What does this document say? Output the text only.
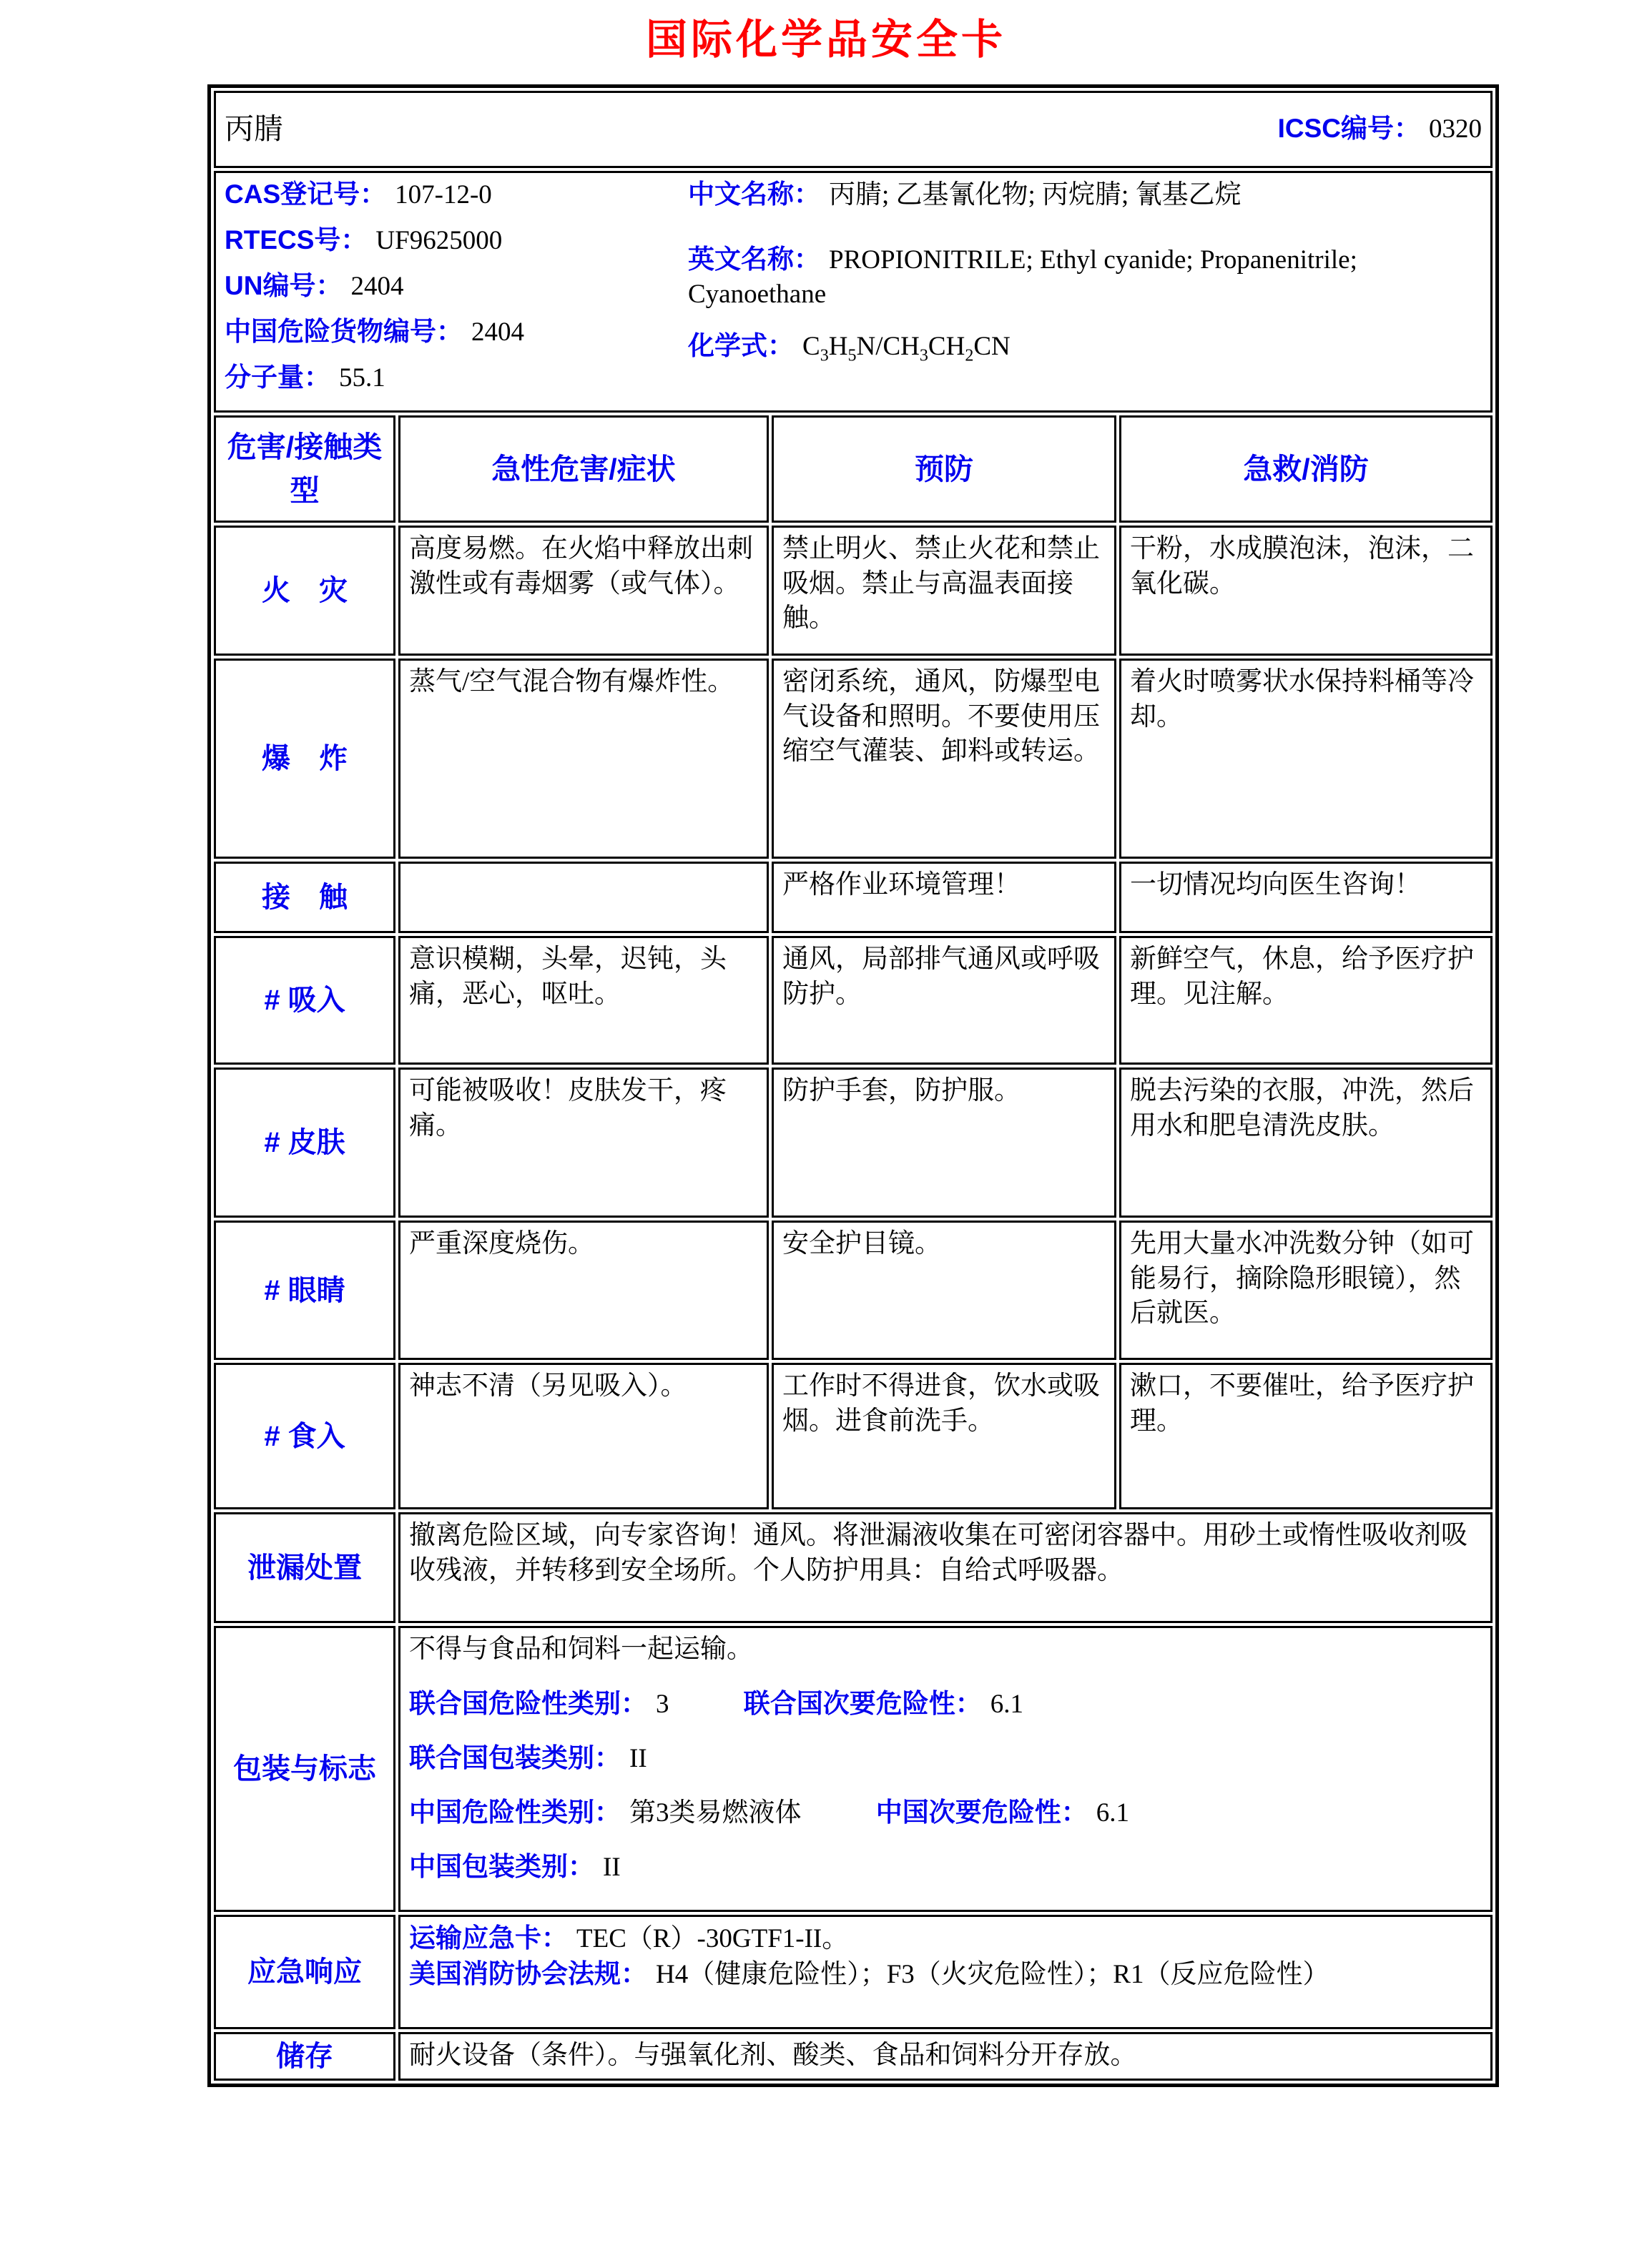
国际化学品安全卡
丙腈 ICSC编号： 0320			

CAS登记号： 107-12-0
RTECS号： UF9625000
UN编号： 2404
中国危险货物编号： 2404
分子量： 55.1

中文名称： 丙腈; 乙基氰化物; 丙烷腈; 氰基乙烷

英文名称： PROPIONITRILE; Ethyl cyanide; Propanenitrile; Cyanoethane

化学式： $C_3H_5N/CH_3CH_2CN$

危害/接触类型	急性危害/症状	预防	急救/消防
火　灾	高度易燃。在火焰中释放出刺激性或有毒烟雾（或气体）。	禁止明火、禁止火花和禁止吸烟。禁止与高温表面接触。	干粉，水成膜泡沫，泡沫，二氧化碳。
爆　炸	蒸气/空气混合物有爆炸性。	密闭系统，通风，防爆型电气设备和照明。不要使用压缩空气灌装、卸料或转运。	着火时喷雾状水保持料桶等冷却。
接　触		严格作业环境管理！	一切情况均向医生咨询！
# 吸入	意识模糊，头晕，迟钝，头痛，恶心，呕吐。	通风，局部排气通风或呼吸防护。	新鲜空气，休息，给予医疗护理。见注解。
# 皮肤	可能被吸收！皮肤发干，疼痛。	防护手套，防护服。	脱去污染的衣服，冲洗，然后用水和肥皂清洗皮肤。
# 眼睛	严重深度烧伤。	安全护目镜。	先用大量水冲洗数分钟（如可能易行，摘除隐形眼镜），然后就医。
# 食入	神志不清（另见吸入）。	工作时不得进食，饮水或吸烟。进食前洗手。	漱口，不要催吐，给予医疗护理。
泄漏处置	撤离危险区域，向专家咨询！通风。将泄漏液收集在可密闭容器中。用砂土或惰性吸收剂吸收残液，并转移到安全场所。个人防护用具：自给式呼吸器。		
包装与标志	不得与食品和饲料一起运输。

联合国危险性类别： 3 联合国次要危险性： 6.1

联合国包装类别： II

中国危险性类别： 第3类易燃液体 中国次要危险性： 6.1

中国包装类别： II		

应急响应	运输应急卡： TEC（R）-30GTF1-II。

美国消防协会法规： H4（健康危险性）；F3（火灾危险性）；R1（反应危险性）		

储存	耐火设备（条件）。与强氧化剂、酸类、食品和饲料分开存放。		
